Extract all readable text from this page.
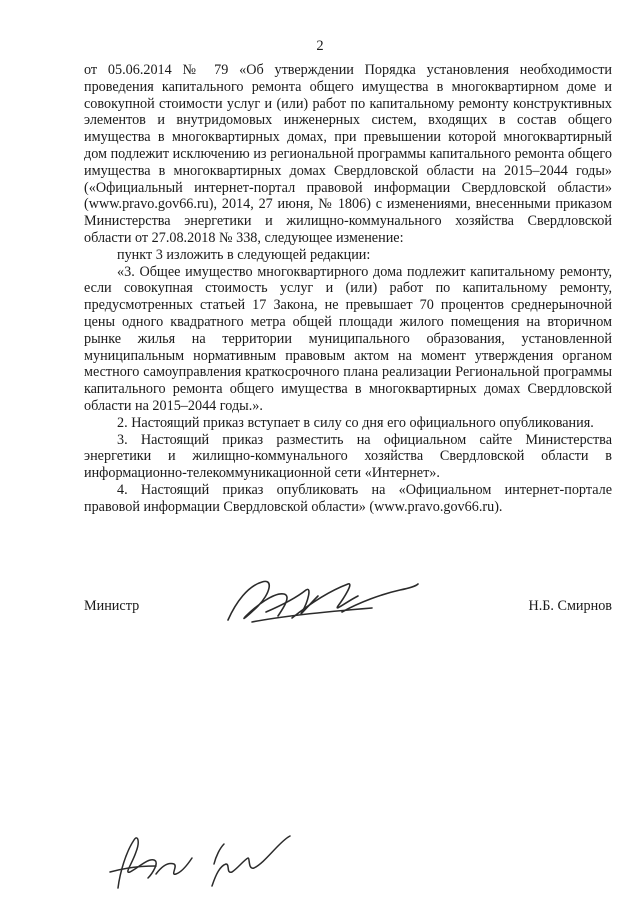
2

от 05.06.2014 № 79 «Об утверждении Порядка установления необходимости проведения капитального ремонта общего имущества в многоквартирном доме и совокупной стоимости услуг и (или) работ по капитальному ремонту конструктивных элементов и внутридомовых инженерных систем, входящих в состав общего имущества в многоквартирных домах, при превышении которой многоквартирный дом подлежит исключению из региональной программы капитального ремонта общего имущества в многоквартирных домах Свердловской области на 2015–2044 годы» («Официальный интернет-портал правовой информации Свердловской области» (www.pravo.gov66.ru), 2014, 27 июня, № 1806) с изменениями, внесенными приказом Министерства энергетики и жилищно-коммунального хозяйства Свердловской области от 27.08.2018 № 338, следующее изменение:

пункт 3 изложить в следующей редакции:

«3. Общее имущество многоквартирного дома подлежит капитальному ремонту, если совокупная стоимость услуг и (или) работ по капитальному ремонту, предусмотренных статьей 17 Закона, не превышает 70 процентов среднерыночной цены одного квадратного метра общей площади жилого помещения на вторичном рынке жилья на территории муниципального образования, установленной муниципальным нормативным правовым актом на момент утверждения органом местного самоуправления краткосрочного плана реализации Региональной программы капитального ремонта общего имущества в многоквартирных домах Свердловской области на 2015–2044 годы.».

2. Настоящий приказ вступает в силу со дня его официального опубликования.

3. Настоящий приказ разместить на официальном сайте Министерства энергетики и жилищно-коммунального хозяйства Свердловской области в информационно-телекоммуникационной сети «Интернет».

4. Настоящий приказ опубликовать на «Официальном интернет-портале правовой информации Свердловской области» (www.pravo.gov66.ru).

Министр	Н.Б. Смирнов
